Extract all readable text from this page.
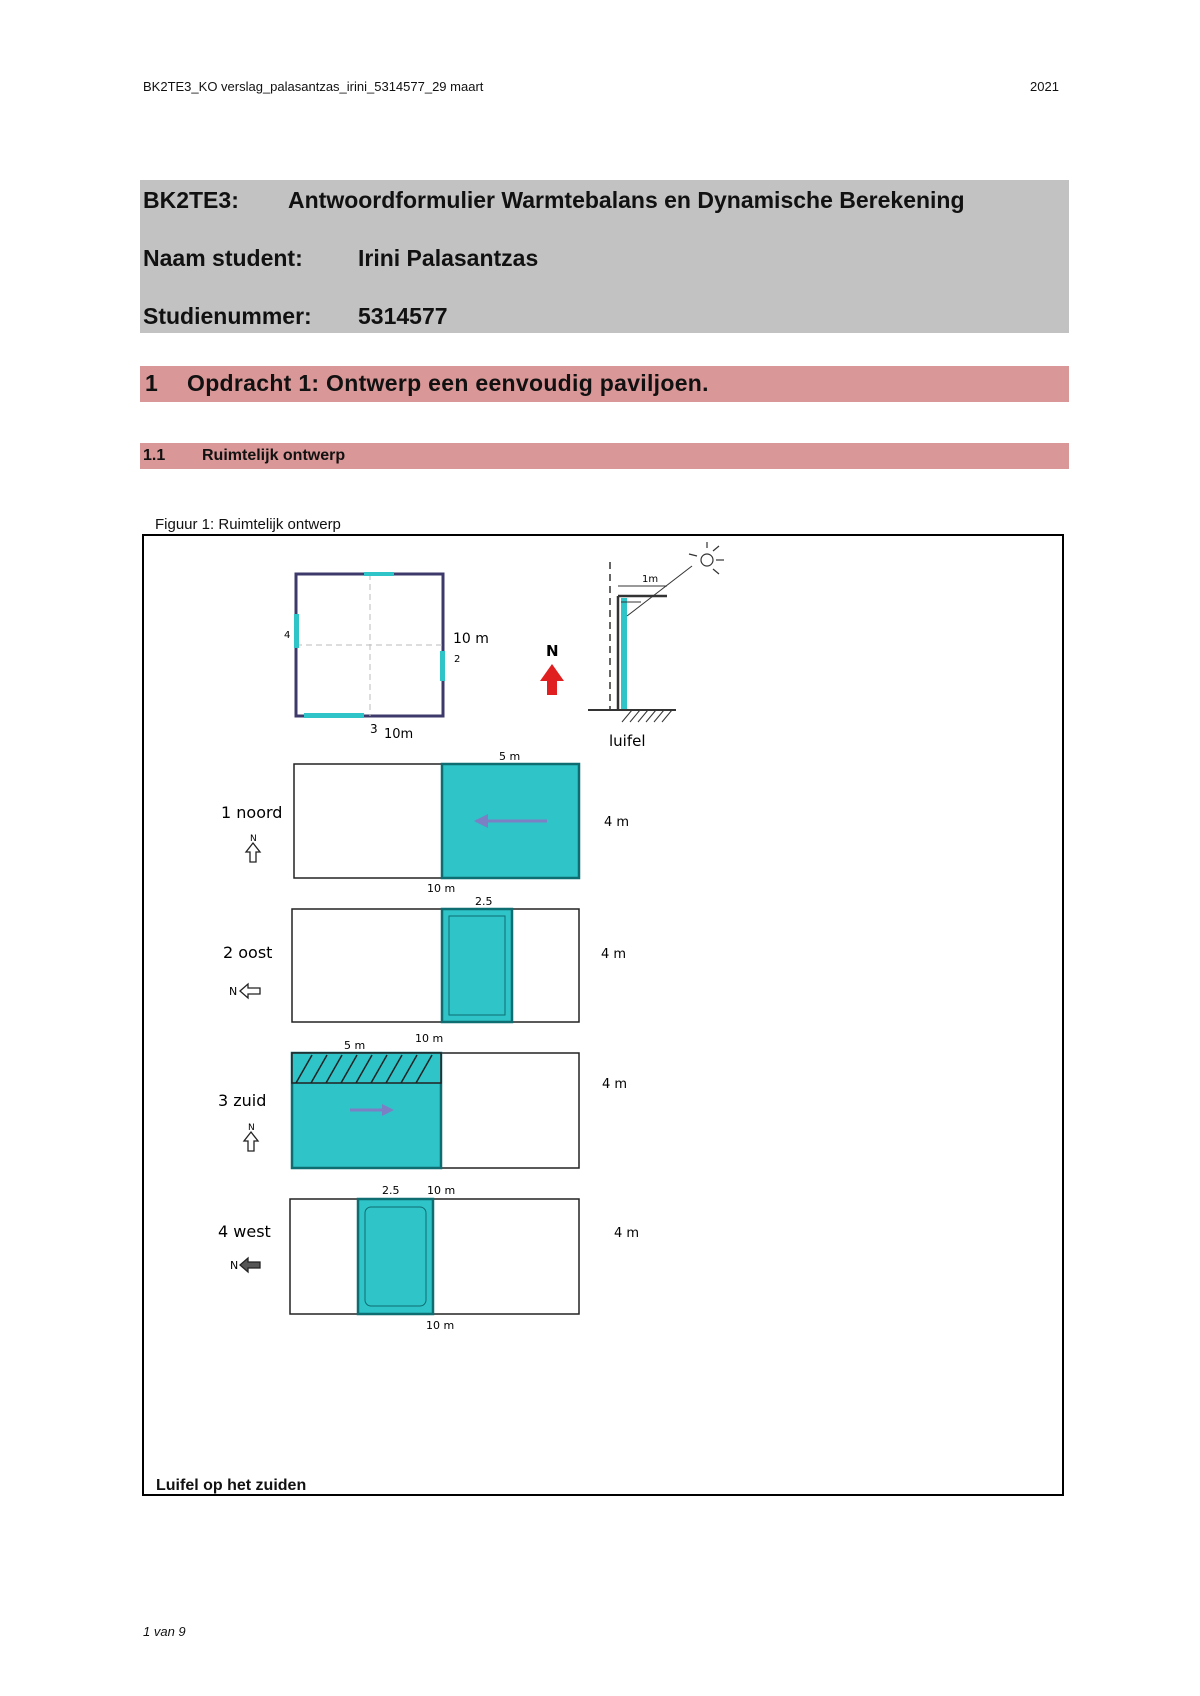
BK2TE3_KO verslag_palasantzas_irini_5314577_29 maart	2021
BK2TE3: Antwoordformulier Warmtebalans en Dynamische Berekening
Naam student: Irini Palasantzas
Studienummer: 5314577
1 Opdracht 1: Ontwerp een eenvoudig paviljoen.
1.1 Ruimtelijk ontwerp
Figuur 1: Ruimtelijk ontwerp
4
2
3
10 m
10m
N
1m
luifel
5 m
10 m
4 m
1 noord
N
2.5
4 m
2 oost
N
5 m
10 m
4 m
3 zuid
N
2.5	10 m
10 m
4 m
4 west
N
Luifel op het zuiden
1 van 9
